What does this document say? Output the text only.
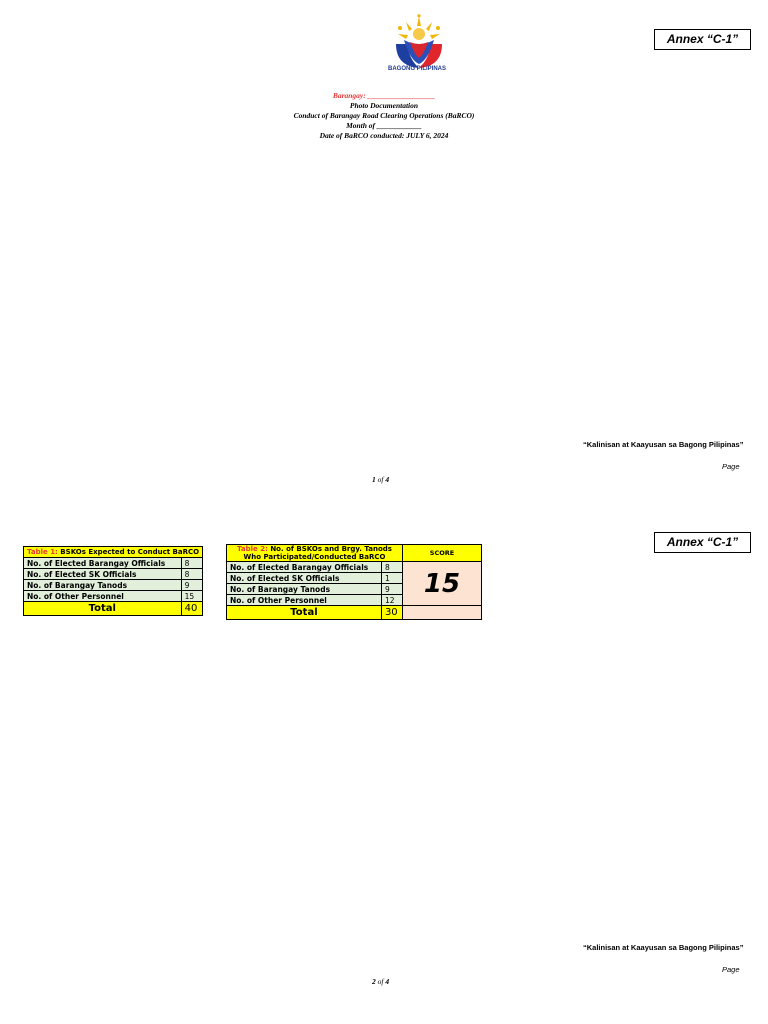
BAGONG PILIPINAS
Annex “C-1”
Barangay: __________________
Photo Documentation
Conduct of Barangay Road Clearing Operations (BaRCO)
Month of ____________
Date of BaRCO conducted: JULY 6, 2024
“Kalinisan at Kaayusan sa Bagong Pilipinas”
Page
1 of 4
Annex “C-1”
Table 1: BSKOs Expected to Conduct BaRCO	
No. of Elected Barangay Officials	8
No. of Elected SK Officials	8
No. of Barangay Tanods	9
No. of Other Personnel	15
Total	40
Table 2: No. of BSKOs and Brgy. Tanods Who Participated/Conducted BaRCO		SCORE
No. of Elected Barangay Officials	8	15
No. of Elected SK Officials	1	
No. of Barangay Tanods	9	
No. of Other Personnel	12	
Total	30	
“Kalinisan at Kaayusan sa Bagong Pilipinas”
Page
2 of 4
